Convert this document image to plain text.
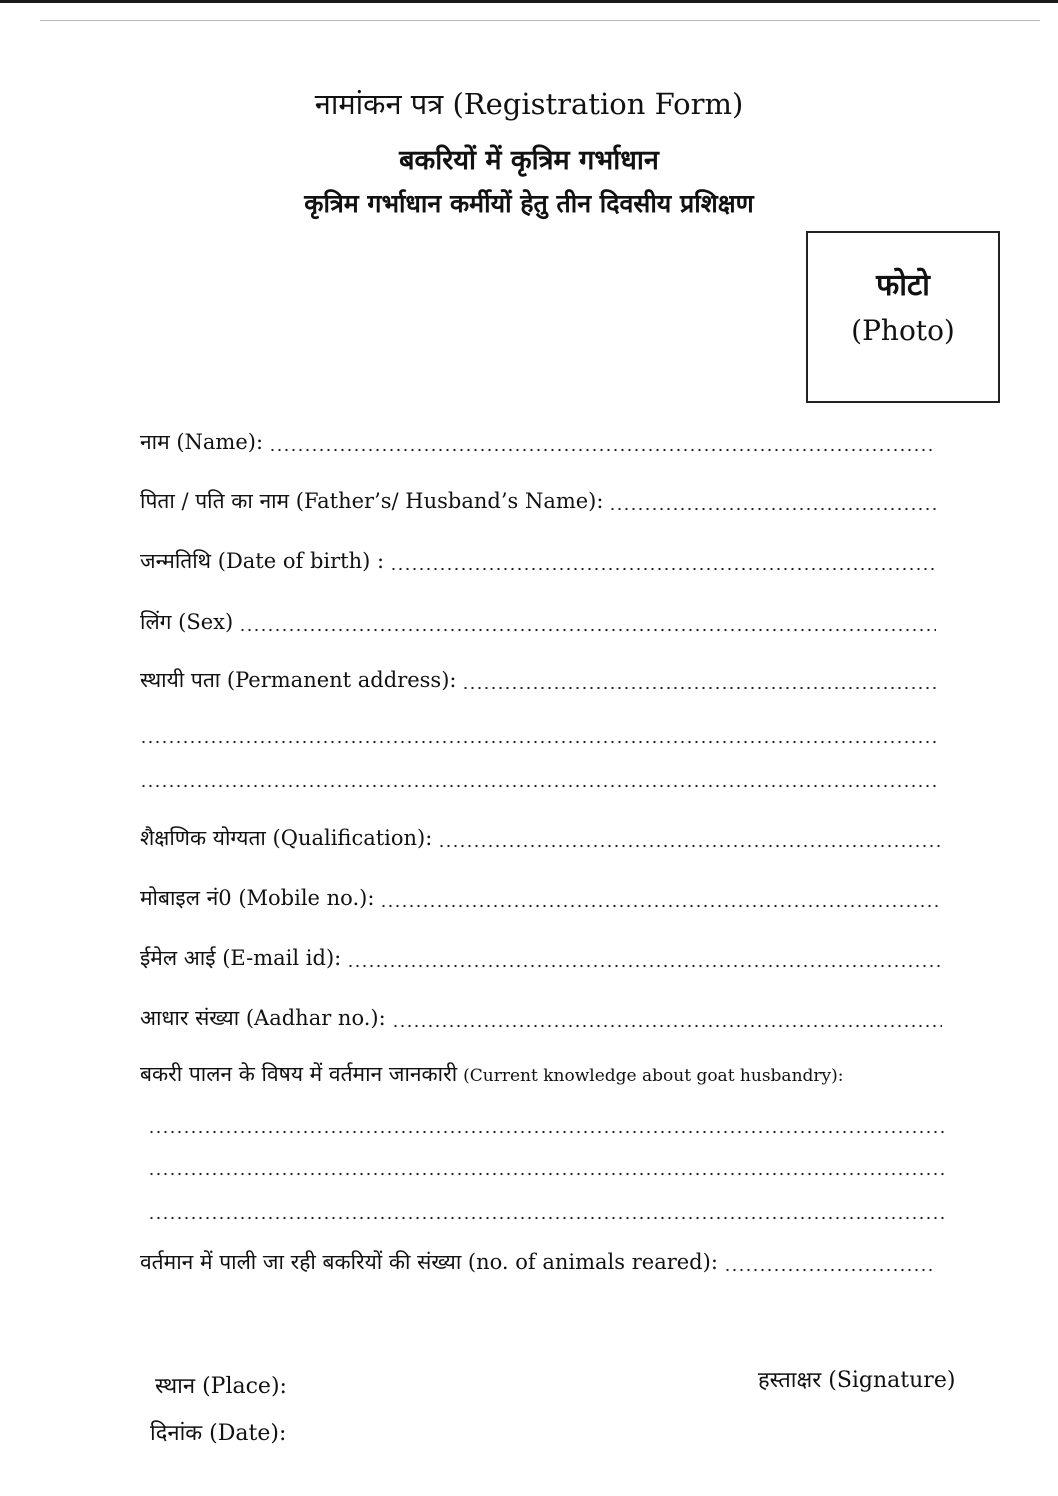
नामांकन पत्र (Registration Form)
बकरियों में कृत्रिम गर्भाधान
कृत्रिम गर्भाधान कर्मीयों हेतु तीन दिवसीय प्रशिक्षण
फोटो
(Photo)
नाम (Name):
पिता / पति का नाम (Father’s/ Husband’s Name):
जन्मतिथि (Date of birth) :
लिंग (Sex)
स्थायी पता (Permanent address):
शैक्षणिक योग्यता (Qualification):
मोबाइल नं0 (Mobile no.):
ईमेल आई (E-mail id):
आधार संख्या (Aadhar no.):
बकरी पालन के विषय में वर्तमान जानकारी (Current knowledge about goat husbandry):
वर्तमान में पाली जा रही बकरियों की संख्या (no. of animals reared):
स्थान (Place):
दिनांक (Date):
हस्ताक्षर (Signature)
